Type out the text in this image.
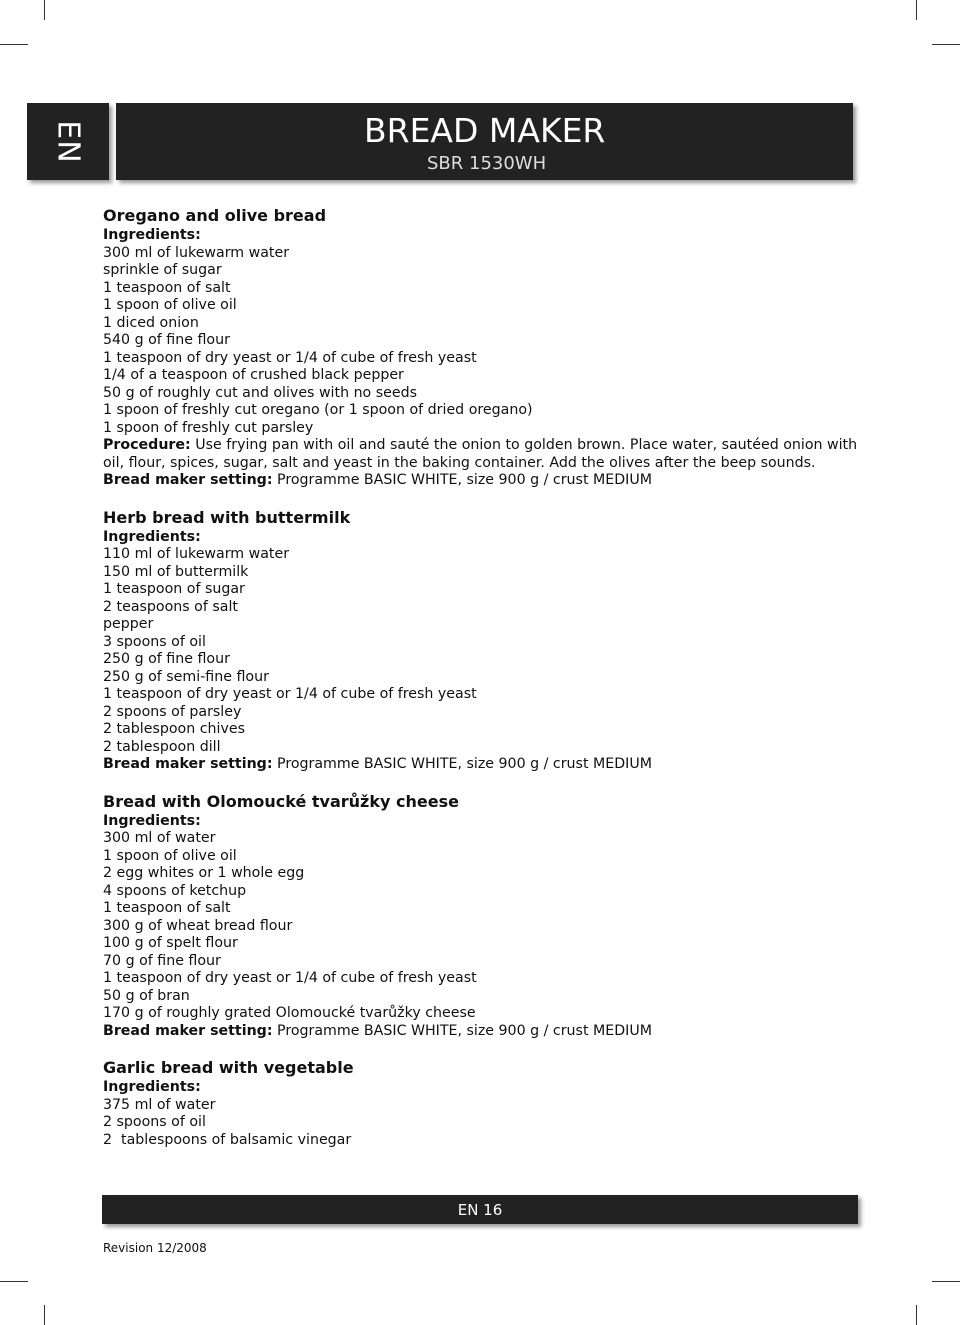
EN	BREAD MAKER
SBR 1530WH
Oregano and olive bread
Ingredients:
300 ml of lukewarm water
sprinkle of sugar
1 teaspoon of salt
1 spoon of olive oil
1 diced onion
540 g of fine flour
1 teaspoon of dry yeast or 1/4 of cube of fresh yeast
1/4 of a teaspoon of crushed black pepper
50 g of roughly cut and olives with no seeds
1 spoon of freshly cut oregano (or 1 spoon of dried oregano)
1 spoon of freshly cut parsley
Procedure: Use frying pan with oil and sauté the onion to golden brown. Place water, sautéed onion with oil, flour, spices, sugar, salt and yeast in the baking container. Add the olives after the beep sounds.
Bread maker setting: Programme BASIC WHITE, size 900 g / crust MEDIUM
Herb bread with buttermilk
Ingredients:
110 ml of lukewarm water
150 ml of buttermilk
1 teaspoon of sugar
2 teaspoons of salt
pepper
3 spoons of oil
250 g of fine flour
250 g of semi-fine flour
1 teaspoon of dry yeast or 1/4 of cube of fresh yeast
2 spoons of parsley
2 tablespoon chives
2 tablespoon dill
Bread maker setting: Programme BASIC WHITE, size 900 g / crust MEDIUM
Bread with Olomoucké tvarůžky cheese
Ingredients:
300 ml of water
1 spoon of olive oil
2 egg whites or 1 whole egg
4 spoons of ketchup
1 teaspoon of salt
300 g of wheat bread flour
100 g of spelt flour
70 g of fine flour
1 teaspoon of dry yeast or 1/4 of cube of fresh yeast
50 g of bran
170 g of roughly grated Olomoucké tvarůžky cheese
Bread maker setting: Programme BASIC WHITE, size 900 g / crust MEDIUM
Garlic bread with vegetable
Ingredients:
375 ml of water
2 spoons of oil
2  tablespoons of balsamic vinegar
EN 16
Revision 12/2008
